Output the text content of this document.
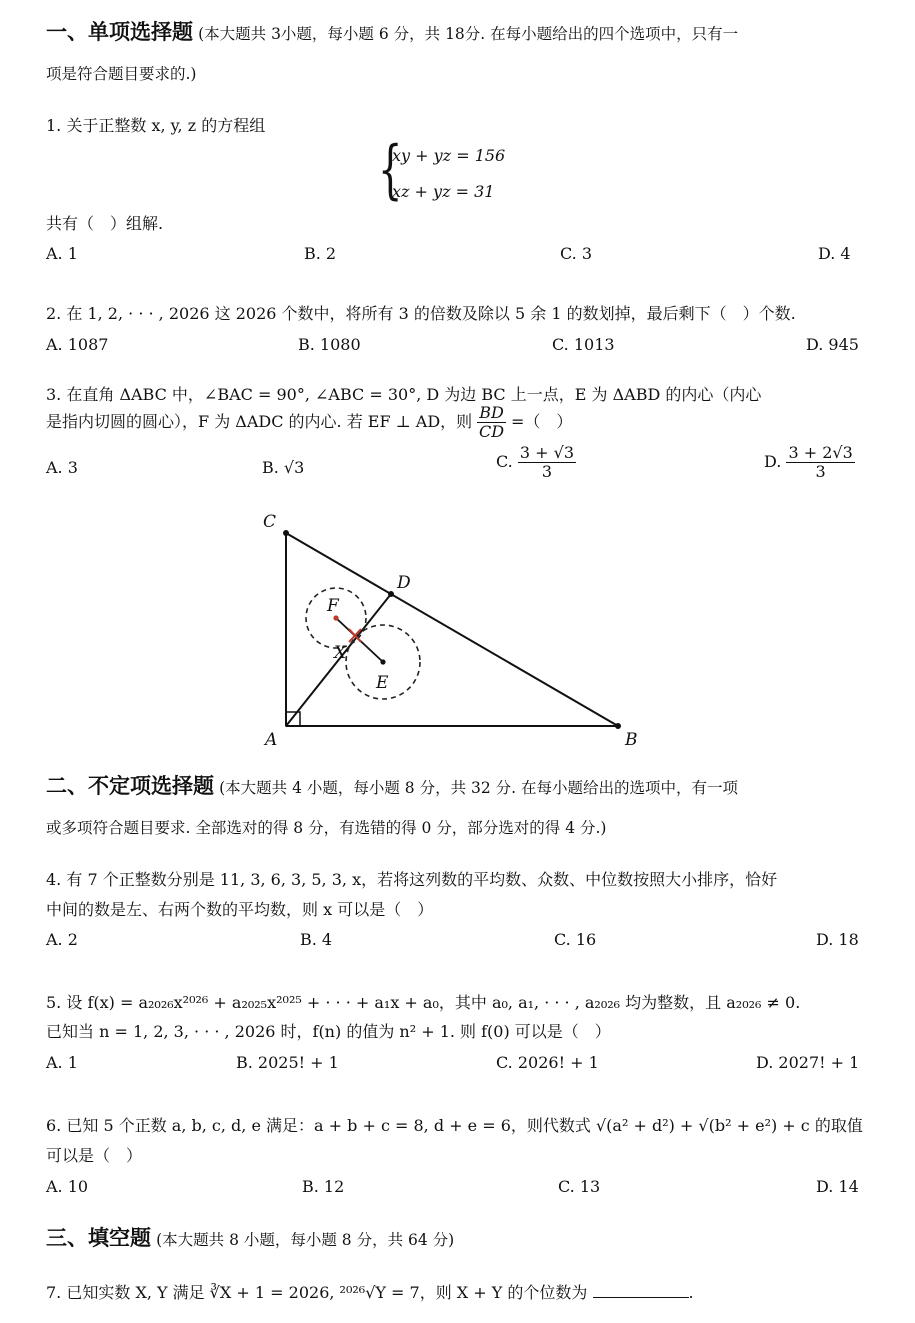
一、单项选择题 (本大题共 3小题，每小题 6 分，共 18分. 在每小题给出的四个选项中，只有一
项是符合题目要求的.)
1. 关于正整数 x, y, z 的方程组
{
xy + yz = 156
xz + yz = 31
共有（　）组解.
A. 1	B. 2	C. 3	D. 4
2. 在 1, 2, · · · , 2026 这 2026 个数中，将所有 3 的倍数及除以 5 余 1 的数划掉，最后剩下（　）个数.
A. 1087	B. 1080	C. 1013	D. 945
3. 在直角 ΔABC 中，∠BAC = 90°, ∠ABC = 30°, D 为边 BC 上一点，E 为 ΔABD 的内心（内心
是指内切圆的圆心），F 为 ΔADC 的内心. 若 EF ⊥ AD，则 $\frac{BD}{CD}$ =（　）
A. 3	B. √3	C. $\frac{3 + √3}{3}$	D. $\frac{3 + 2√3}{3}$
C
D
F
X
E
A	B
二、不定项选择题 (本大题共 4 小题，每小题 8 分，共 32 分. 在每小题给出的选项中，有一项
或多项符合题目要求. 全部选对的得 8 分，有选错的得 0 分，部分选对的得 4 分.)
4. 有 7 个正整数分别是 11, 3, 6, 3, 5, 3, x，若将这列数的平均数、众数、中位数按照大小排序，恰好
中间的数是左、右两个数的平均数，则 x 可以是（　）
A. 2	B. 4	C. 16	D. 18
5. 设 f(x) = a₂₀₂₆x²⁰²⁶ + a₂₀₂₅x²⁰²⁵ + · · · + a₁x + a₀，其中 a₀, a₁, · · · , a₂₀₂₆ 均为整数，且 a₂₀₂₆ ≠ 0.
已知当 n = 1, 2, 3, · · · , 2026 时，f(n) 的值为 n² + 1. 则 f(0) 可以是（　）
A. 1	B. 2025! + 1	C. 2026! + 1	D. 2027! + 1
6. 已知 5 个正数 a, b, c, d, e 满足：a + b + c = 8, d + e = 6，则代数式 √(a² + d²) + √(b² + e²) + c 的取值
可以是（　）
A. 10	B. 12	C. 13	D. 14
三、填空题 (本大题共 8 小题，每小题 8 分，共 64 分)
7. 已知实数 X, Y 满足 ∛X + 1 = 2026, ²⁰²⁶√Y = 7，则 X + Y 的个位数为	.
